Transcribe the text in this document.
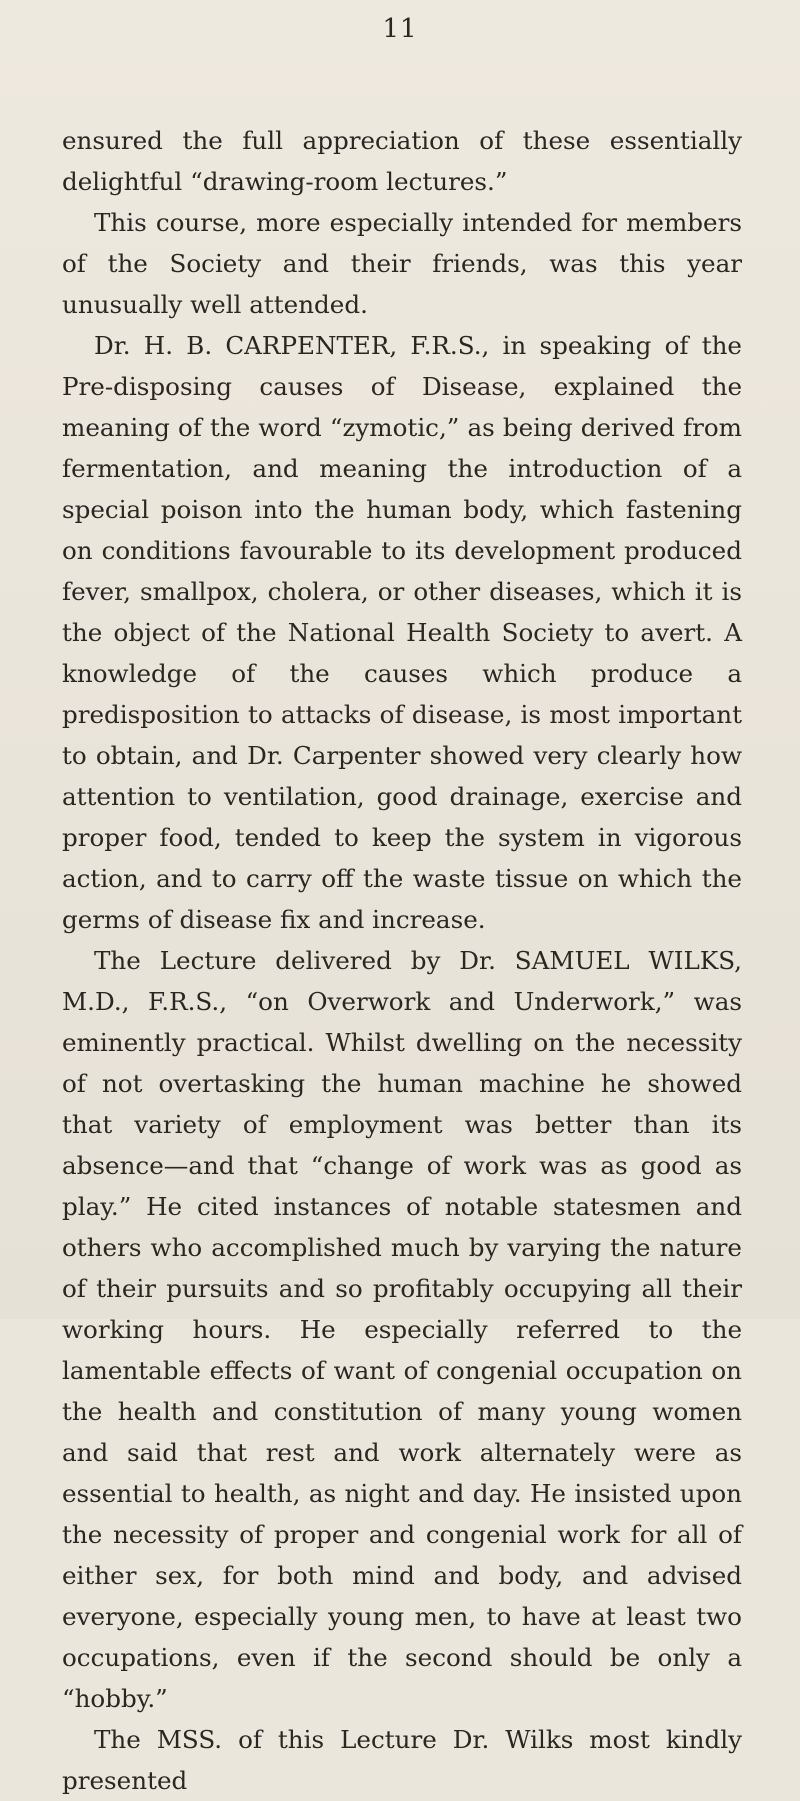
11

ensured the full appreciation of these essentially delightful “drawing-room lectures.”

This course, more especially intended for members of the Society and their friends, was this year unusually well attended.

Dr. H. B. CARPENTER, F.R.S., in speaking of the Pre-disposing causes of Disease, explained the meaning of the word “zymotic,” as being derived from fermentation, and meaning the introduction of a special poison into the human body, which fastening on conditions favourable to its development produced fever, smallpox, cholera, or other diseases, which it is the object of the National Health Society to avert. A knowledge of the causes which produce a predisposition to attacks of disease, is most important to obtain, and Dr. Carpenter showed very clearly how attention to ventilation, good drainage, exercise and proper food, tended to keep the system in vigorous action, and to carry off the waste tissue on which the germs of disease fix and increase.

The Lecture delivered by Dr. SAMUEL WILKS, M.D., F.R.S., “on Overwork and Underwork,” was eminently practical. Whilst dwelling on the necessity of not overtasking the human machine he showed that variety of employment was better than its absence—and that “change of work was as good as play.” He cited instances of notable statesmen and others who accomplished much by varying the nature of their pursuits and so profitably occupying all their working hours. He especially referred to the lamentable effects of want of congenial occupation on the health and constitution of many young women and said that rest and work alternately were as essential to health, as night and day. He insisted upon the necessity of proper and congenial work for all of either sex, for both mind and body, and advised everyone, especially young men, to have at least two occupations, even if the second should be only a “hobby.”

The MSS. of this Lecture Dr. Wilks most kindly presented
